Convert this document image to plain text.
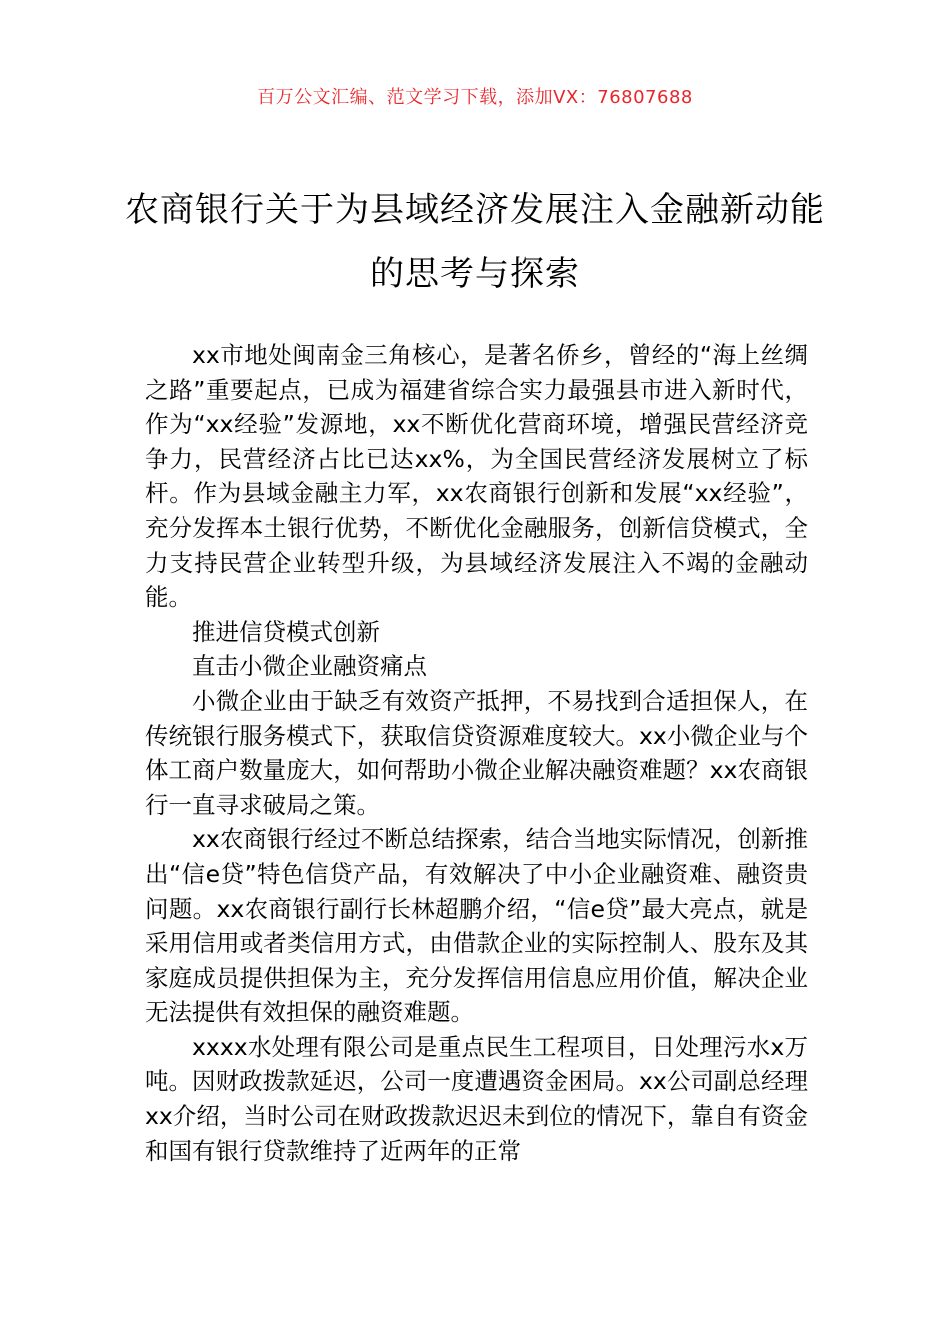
百万公文汇编、范文学习下载，添加VX：76807688
农商银行关于为县域经济发展注入金融新动能的思考与探索

xx市地处闽南金三角核心，是著名侨乡，曾经的“海上丝绸之路”重要起点，已成为福建省综合实力最强县市进入新时代，作为“xx经验”发源地，xx不断优化营商环境，增强民营经济竞争力，民营经济占比已达xx%，为全国民营经济发展树立了标杆。作为县域金融主力军，xx农商银行创新和发展“xx经验”，充分发挥本土银行优势，不断优化金融服务，创新信贷模式，全力支持民营企业转型升级，为县域经济发展注入不竭的金融动能。

推进信贷模式创新

直击小微企业融资痛点

小微企业由于缺乏有效资产抵押，不易找到合适担保人，在传统银行服务模式下，获取信贷资源难度较大。xx小微企业与个体工商户数量庞大，如何帮助小微企业解决融资难题？xx农商银行一直寻求破局之策。

xx农商银行经过不断总结探索，结合当地实际情况，创新推出“信e贷”特色信贷产品，有效解决了中小企业融资难、融资贵问题。xx农商银行副行长林超鹏介绍，“信e贷”最大亮点，就是采用信用或者类信用方式，由借款企业的实际控制人、股东及其家庭成员提供担保为主，充分发挥信用信息应用价值，解决企业无法提供有效担保的融资难题。

xxxx水处理有限公司是重点民生工程项目，日处理污水x万吨。因财政拨款延迟，公司一度遭遇资金困局。xx公司副总经理xx介绍，当时公司在财政拨款迟迟未到位的情况下，靠自有资金和国有银行贷款维持了近两年的正常
